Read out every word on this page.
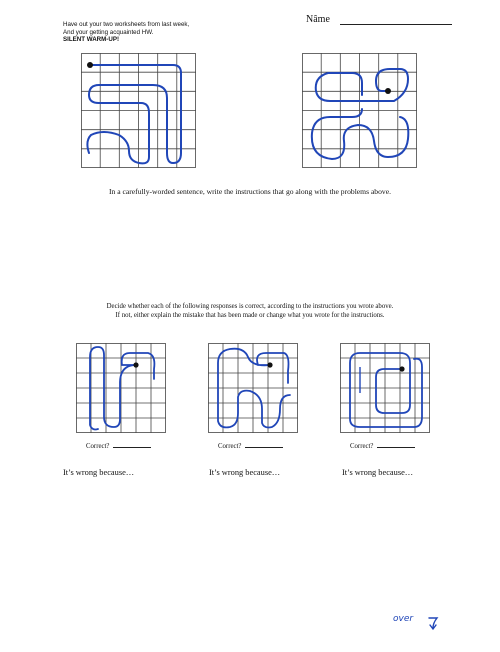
Have out your two worksheets from last week,
And your getting acquainted HW.
SILENT WARM-UP!
Nâme
In a carefully-worded sentence, write the instructions that go along with the problems above.
Decide whether each of the following responses is correct, according to the instructions you wrote above.
If not, either explain the mistake that has been made or change what you wrote for the instructions.
Correct?	Correct?	Correct?
It’s wrong because…	It’s wrong because…	It’s wrong because…
over
